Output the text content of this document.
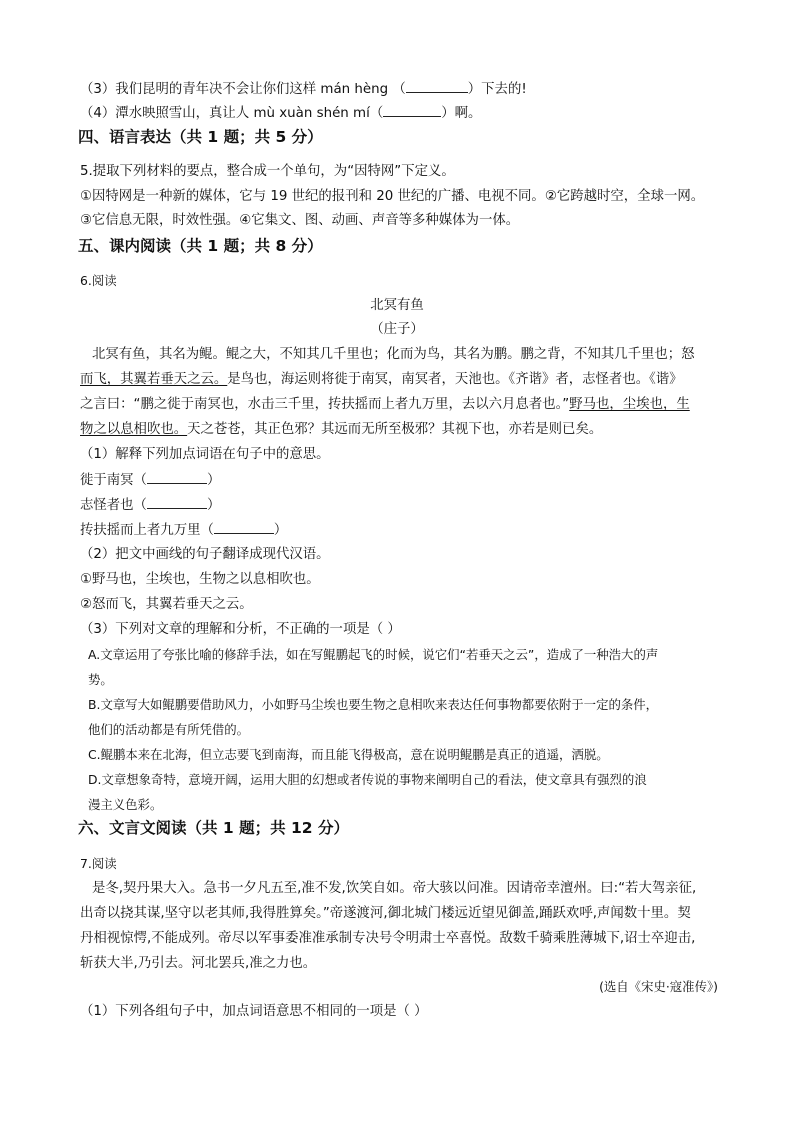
（3）我们昆明的青年决不会让你们这样 mán hèng （	）下去的!
（4）潭水映照雪山，真让人 mù xuàn shén mí（	）啊。
四、语言表达（共 1 题；共 5 分）
5.提取下列材料的要点，整合成一个单句，为“因特网”下定义。
①因特网是一种新的媒体，它与 19 世纪的报刊和 20 世纪的广播、电视不同。②它跨越时空，全球一网。
③它信息无限，时效性强。④它集文、图、动画、声音等多种媒体为一体。
五、课内阅读（共 1 题；共 8 分）
6.阅读
北冥有鱼
（庄子）
北冥有鱼，其名为鲲。鲲之大，不知其几千里也；化而为鸟，其名为鹏。鹏之背，不知其几千里也；怒
而飞，其翼若垂天之云。是鸟也，海运则将徙于南冥，南冥者，天池也。《齐谐》者，志怪者也。《谐》
之言曰：“鹏之徙于南冥也，水击三千里，抟扶摇而上者九万里，去以六月息者也。”野马也，尘埃也，生
物之以息相吹也。天之苍苍，其正色邪？其远而无所至极邪？其视下也，亦若是则已矣。
（1）解释下列加点词语在句子中的意思。
徙于南冥（	）
志怪者也（	）
抟扶摇而上者九万里（	）
（2）把文中画线的句子翻译成现代汉语。
①野马也，尘埃也，生物之以息相吹也。
②怒而飞，其翼若垂天之云。
（3）下列对文章的理解和分析，不正确的一项是（ ）
A.文章运用了夸张比喻的修辞手法，如在写鲲鹏起飞的时候，说它们“若垂天之云”，造成了一种浩大的声
势。
B.文章写大如鲲鹏要借助风力，小如野马尘埃也要生物之息相吹来表达任何事物都要依附于一定的条件，
他们的活动都是有所凭借的。
C.鲲鹏本来在北海，但立志要飞到南海，而且能飞得极高，意在说明鲲鹏是真正的逍遥，洒脱。
D.文章想象奇特，意境开阔，运用大胆的幻想或者传说的事物来阐明自己的看法，使文章具有强烈的浪
漫主义色彩。
六、文言文阅读（共 1 题；共 12 分）
7.阅读
是冬,契丹果大入。急书一夕凡五至,准不发,饮笑自如。帝大骇以问准。因请帝幸澶州。曰:“若大驾亲征,
出奇以挠其谋,坚守以老其师,我得胜算矣。”帝遂渡河,御北城门楼远近望见御盖,踊跃欢呼,声闻数十里。契
丹相视惊愕,不能成列。帝尽以军事委准准承制专决号令明肃士卒喜悦。敌数千骑乘胜薄城下,诏士卒迎击,
斩获大半,乃引去。河北罢兵,准之力也。
(选自《宋史·寇准传》)
（1）下列各组句子中，加点词语意思不相同的一项是（ ）
